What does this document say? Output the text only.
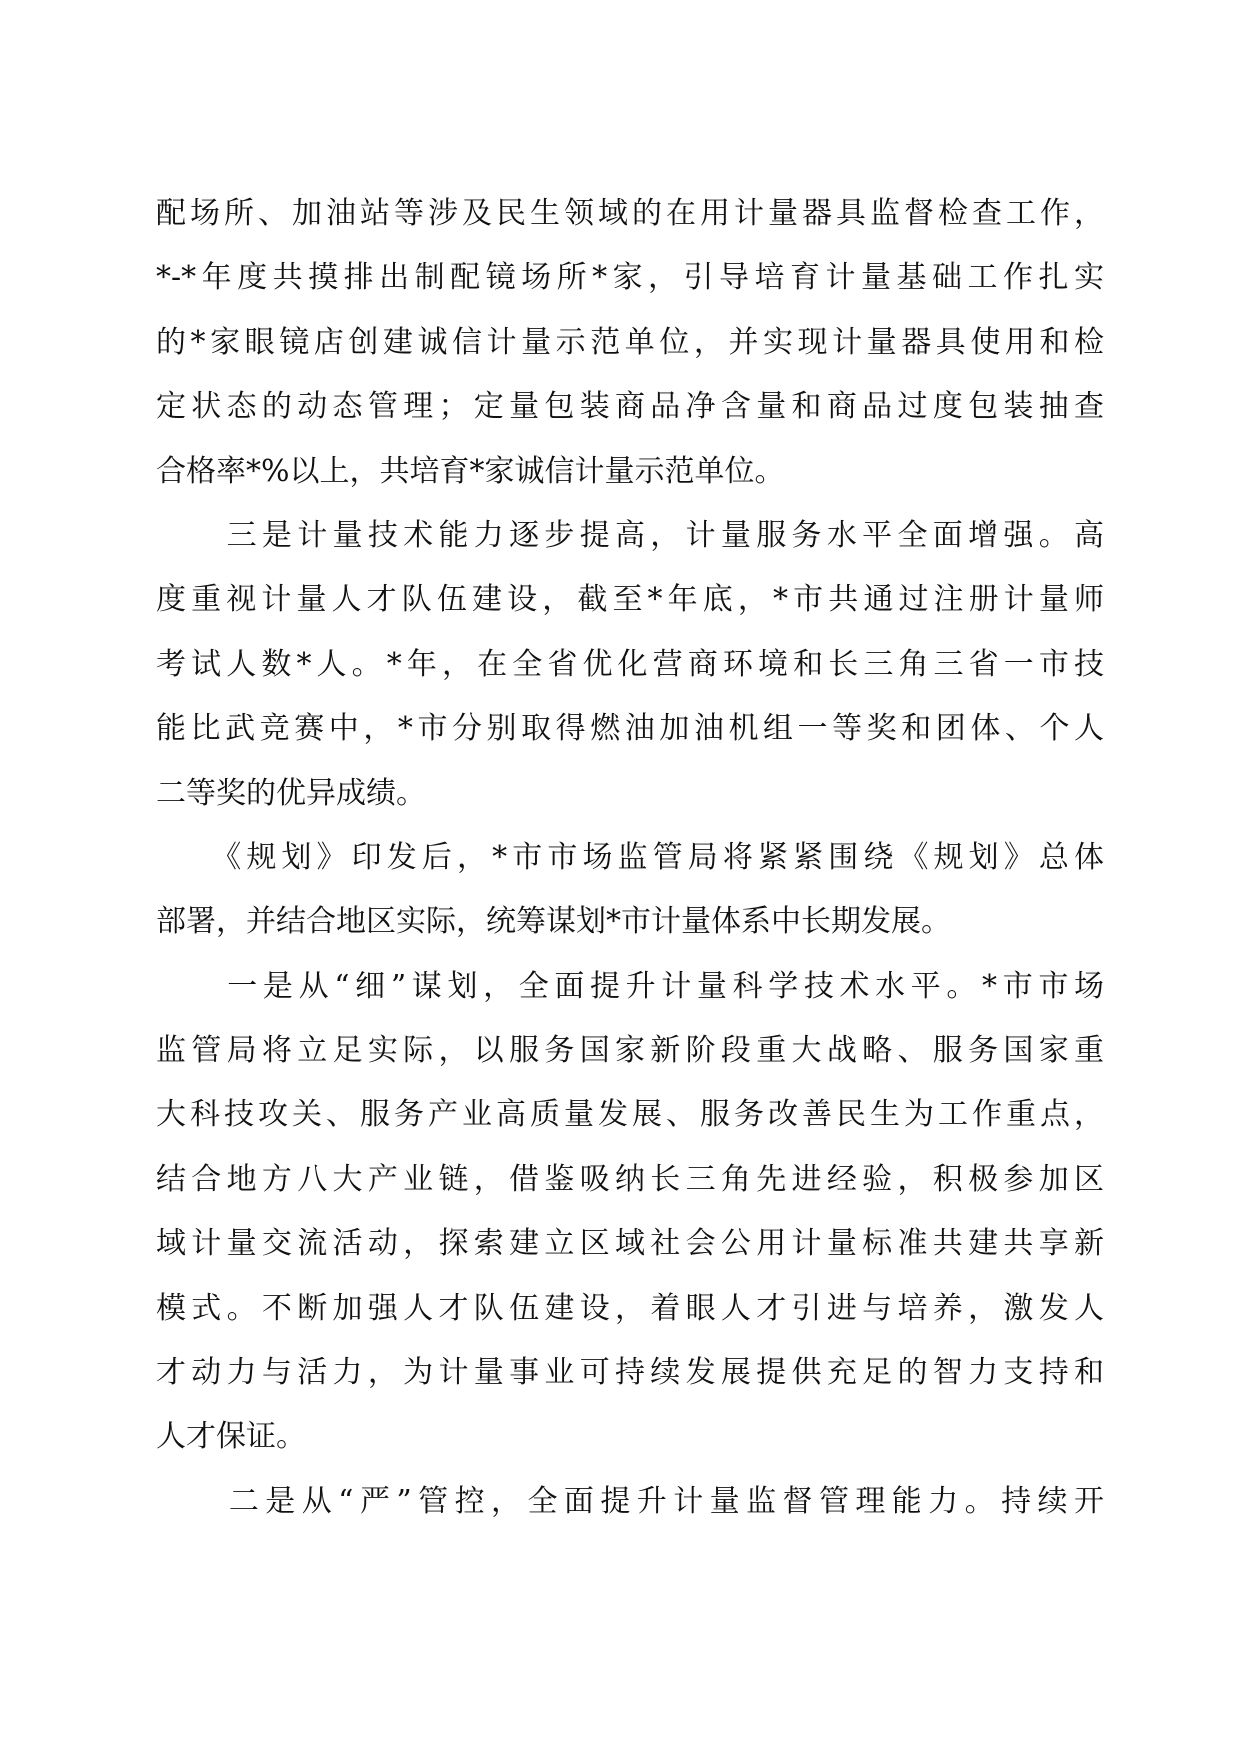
配场所、加油站等涉及民生领域的在用计量器具监督检查工作，
*-*年度共摸排出制配镜场所*家，引导培育计量基础工作扎实
的*家眼镜店创建诚信计量示范单位，并实现计量器具使用和检
定状态的动态管理；定量包装商品净含量和商品过度包装抽查
合格率*%以上，共培育*家诚信计量示范单位。
　　三是计量技术能力逐步提高，计量服务水平全面增强。高
度重视计量人才队伍建设，截至*年底，*市共通过注册计量师
考试人数*人。*年，在全省优化营商环境和长三角三省一市技
能比武竞赛中，*市分别取得燃油加油机组一等奖和团体、个人
二等奖的优异成绩。
　　《规划》印发后，*市市场监管局将紧紧围绕《规划》总体
部署，并结合地区实际，统筹谋划*市计量体系中长期发展。
　　一是从“细”谋划，全面提升计量科学技术水平。*市市场
监管局将立足实际，以服务国家新阶段重大战略、服务国家重
大科技攻关、服务产业高质量发展、服务改善民生为工作重点，
结合地方八大产业链，借鉴吸纳长三角先进经验，积极参加区
域计量交流活动，探索建立区域社会公用计量标准共建共享新
模式。不断加强人才队伍建设，着眼人才引进与培养，激发人
才动力与活力，为计量事业可持续发展提供充足的智力支持和
人才保证。
　　二是从“严”管控，全面提升计量监督管理能力。持续开
